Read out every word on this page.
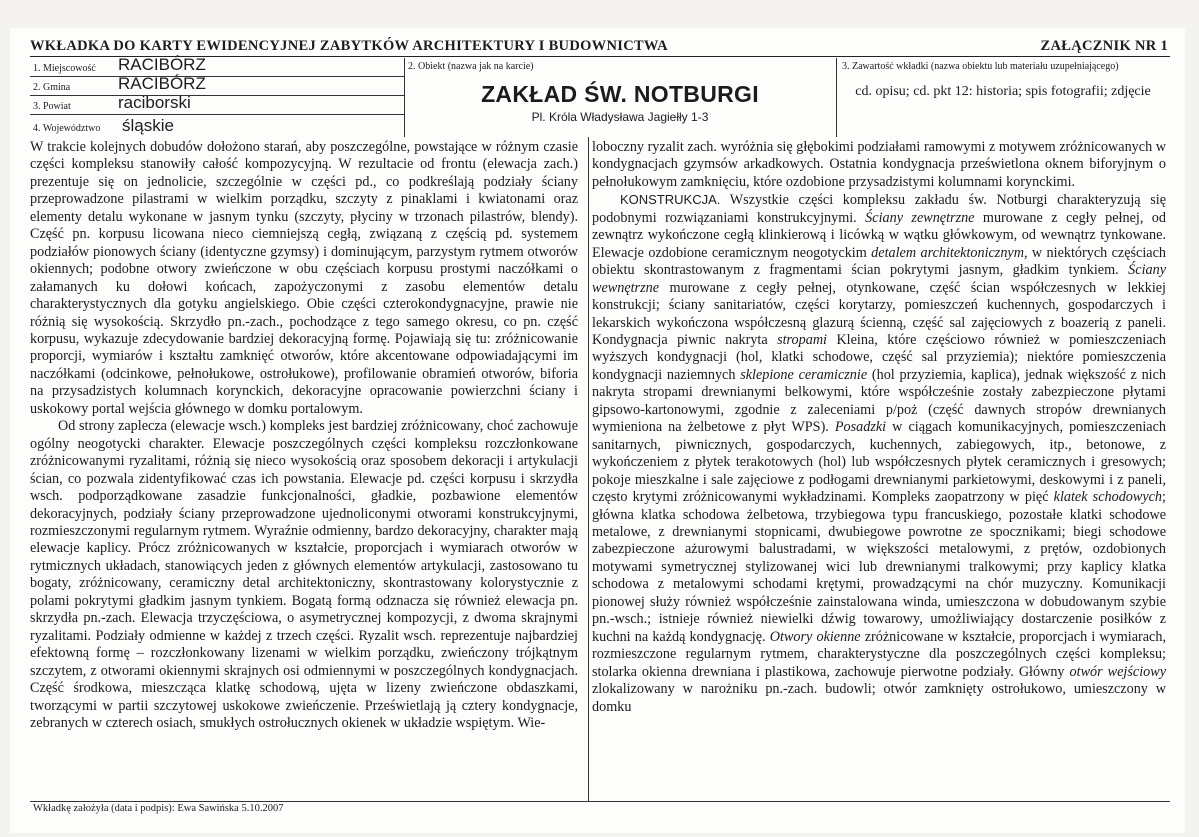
WKŁADKA DO KARTY EWIDENCYJNEJ ZABYTKÓW ARCHITEKTURY I BUDOWNICTWA	ZAŁĄCZNIK NR 1
1. Miejscowość RACIBÓRZ
2. Gmina	RACIBÓRZ
3. Powiat	raciborski
4. Województwo śląskie
2. Obiekt (nazwa jak na karcie)
ZAKŁAD ŚW. NOTBURGI
Pl. Króla Władysława Jagiełły 1-3
3. Zawartość wkładki (nazwa obiektu lub materiału uzupełniającego)
cd. opisu; cd. pkt 12: historia; spis fotografii; zdjęcie

W trakcie kolejnych dobudów dołożono starań, aby poszczególne, powstające w różnym czasie części kompleksu stanowiły całość kompozycyjną. W rezultacie od frontu (elewacja zach.) prezentuje się on jednolicie, szczególnie w części pd., co podkreślają podziały ściany przeprowadzone pilastrami w wielkim porządku, szczyty z pinaklami i kwiatonami oraz elementy detalu wykonane w jasnym tynku (szczyty, płyciny w trzonach pilastrów, blendy). Część pn. korpusu licowana nieco ciemniejszą cegłą, związaną z częścią pd. systemem podziałów pionowych ściany (identyczne gzymsy) i dominującym, parzystym rytmem otworów okiennych; podobne otwory zwieńczone w obu częściach korpusu prostymi naczółkami o załamanych ku dołowi końcach, zapożyczonymi z zasobu elementów detalu charakterystycznych dla gotyku angielskiego. Obie części czterokondygnacyjne, prawie nie różnią się wysokością. Skrzydło pn.-zach., pochodzące z tego samego okresu, co pn. część korpusu, wykazuje zdecydowanie bardziej dekoracyjną formę. Pojawiają się tu: zróżnicowanie proporcji, wymiarów i kształtu zamknięć otworów, które akcentowane odpowiadającymi im naczółkami (odcinkowe, pełnołukowe, ostrołukowe), profilowanie obramień otworów, biforia na przysadzistych kolumnach korynckich, dekoracyjne opracowanie powierzchni ściany i uskokowy portal wejścia głównego w domku portalowym.

Od strony zaplecza (elewacje wsch.) kompleks jest bardziej zróżnicowany, choć zachowuje ogólny neogotycki charakter. Elewacje poszczególnych części kompleksu rozczłonkowane zróżnicowanymi ryzalitami, różnią się nieco wysokością oraz sposobem dekoracji i artykulacji ścian, co pozwala zidentyfikować czas ich powstania. Elewacje pd. części korpusu i skrzydła wsch. podporządkowane zasadzie funkcjonalności, gładkie, pozbawione elementów dekoracyjnych, podziały ściany przeprowadzone ujednoliconymi otworami konstrukcyjnymi, rozmieszczonymi regularnym rytmem. Wyraźnie odmienny, bardzo dekoracyjny, charakter mają elewacje kaplicy. Prócz zróżnicowanych w kształcie, proporcjach i wymiarach otworów w rytmicznych układach, stanowiących jeden z głównych elementów artykulacji, zastosowano tu bogaty, zróżnicowany, ceramiczny detal architektoniczny, skontrastowany kolorystycznie z polami pokrytymi gładkim jasnym tynkiem. Bogatą formą odznacza się również elewacja pn. skrzydła pn.-zach. Elewacja trzyczęściowa, o asymetrycznej kompozycji, z dwoma skrajnymi ryzalitami. Podziały odmienne w każdej z trzech części. Ryzalit wsch. reprezentuje najbardziej efektowną formę – rozczłonkowany lizenami w wielkim porządku, zwieńczony trójkątnym szczytem, z otworami okiennymi skrajnych osi odmiennymi w poszczególnych kondygnacjach. Część środkowa, mieszcząca klatkę schodową, ujęta w lizeny zwieńczone obdaszkami, tworzącymi w partii szczytowej uskokowe zwieńczenie. Prześwietlają ją cztery kondygnacje, zebranych w czterech osiach, smukłych ostrołucznych okienek w układzie wspiętym. Wie-

loboczny ryzalit zach. wyróżnia się głębokimi podziałami ramowymi z motywem zróżnicowanych w kondygnacjach gzymsów arkadkowych. Ostatnia kondygnacja prześwietlona oknem biforyjnym o pełnołukowym zamknięciu, które ozdobione przysadzistymi kolumnami korynckimi.

KONSTRUKCJA. Wszystkie części kompleksu zakładu św. Notburgi charakteryzują się podobnymi rozwiązaniami konstrukcyjnymi. Ściany zewnętrzne murowane z cegły pełnej, od zewnątrz wykończone cegłą klinkierową i licówką w wątku główkowym, od wewnątrz tynkowane. Elewacje ozdobione ceramicznym neogotyckim detalem architektonicznym, w niektórych częściach obiektu skontrastowanym z fragmentami ścian pokrytymi jasnym, gładkim tynkiem. Ściany wewnętrzne murowane z cegły pełnej, otynkowane, część ścian współczesnych w lekkiej konstrukcji; ściany sanitariatów, części korytarzy, pomieszczeń kuchennych, gospodarczych i lekarskich wykończona współczesną glazurą ścienną, część sal zajęciowych z boazerią z paneli. Kondygnacja piwnic nakryta stropami Kleina, które częściowo również w pomieszczeniach wyższych kondygnacji (hol, klatki schodowe, część sal przyziemia); niektóre pomieszczenia kondygnacji naziemnych sklepione ceramicznie (hol przyziemia, kaplica), jednak większość z nich nakryta stropami drewnianymi belkowymi, które współcześnie zostały zabezpieczone płytami gipsowo-kartonowymi, zgodnie z zaleceniami p/poż (część dawnych stropów drewnianych wymieniona na żelbetowe z płyt WPS). Posadzki w ciągach komunikacyjnych, pomieszczeniach sanitarnych, piwnicznych, gospodarczych, kuchennych, zabiegowych, itp., betonowe, z wykończeniem z płytek terakotowych (hol) lub współczesnych płytek ceramicznych i gresowych; pokoje mieszkalne i sale zajęciowe z podłogami drewnianymi parkietowymi, deskowymi i z paneli, często krytymi zróżnicowanymi wykładzinami. Kompleks zaopatrzony w pięć klatek schodowych; główna klatka schodowa żelbetowa, trzybiegowa typu francuskiego, pozostałe klatki schodowe metalowe, z drewnianymi stopnicami, dwubiegowe powrotne ze spocznikami; biegi schodowe zabezpieczone ażurowymi balustradami, w większości metalowymi, z prętów, ozdobionych motywami symetrycznej stylizowanej wici lub drewnianymi tralkowymi; przy kaplicy klatka schodowa z metalowymi schodami krętymi, prowadzącymi na chór muzyczny. Komunikacji pionowej służy również współcześnie zainstalowana winda, umieszczona w dobudowanym szybie pn.-wsch.; istnieje również niewielki dźwig towarowy, umożliwiający dostarczenie posiłków z kuchni na każdą kondygnację. Otwory okienne zróżnicowane w kształcie, proporcjach i wymiarach, rozmieszczone regularnym rytmem, charakterystyczne dla poszczególnych części kompleksu; stolarka okienna drewniana i plastikowa, zachowuje pierwotne podziały. Główny otwór wejściowy zlokalizowany w narożniku pn.-zach. budowli; otwór zamknięty ostrołukowo, umieszczony w domku

Wkładkę założyła (data i podpis): Ewa Sawińska 5.10.2007
